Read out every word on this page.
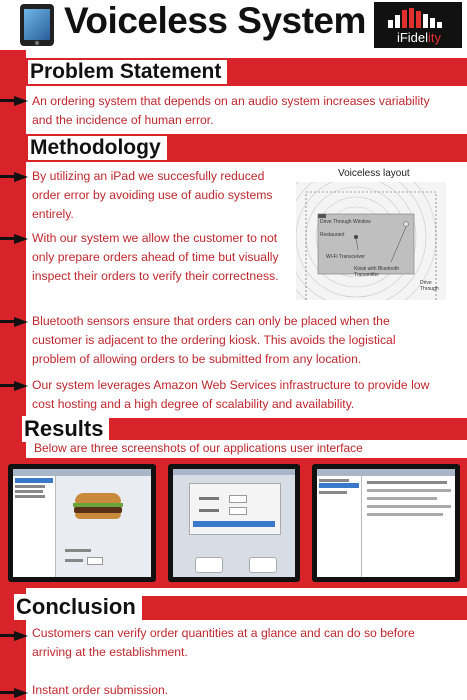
Voiceless System	iFidelity
Problem Statement
An ordering system that depends on an audio system increases variability and the incidence of human error.
Methodology
By utilizing an iPad we succesfully reduced order error by avoiding use of audio systems entirely.
With our system we allow the customer to not only prepare orders ahead of time but visually inspect their orders to verify their correctness.
Bluetooth sensors ensure that orders can only be placed when the customer is adjacent to the ordering kiosk. This avoids the logistical problem of allowing orders to be submitted from any location.
Our system leverages Amazon Web Services infrastructure to provide low cost hosting and a high degree of scalability and availability.
Voiceless layout
Drive Through Window
Restaurant
Wi-Fi Transceiver
Kiosk with Bluetooth Transmitter
Drive Through
Results
Below are three screenshots of our applications user interface
Conclusion
Customers can verify order quantities at a glance and can do so before arriving at the establishment.
Instant order submission.
